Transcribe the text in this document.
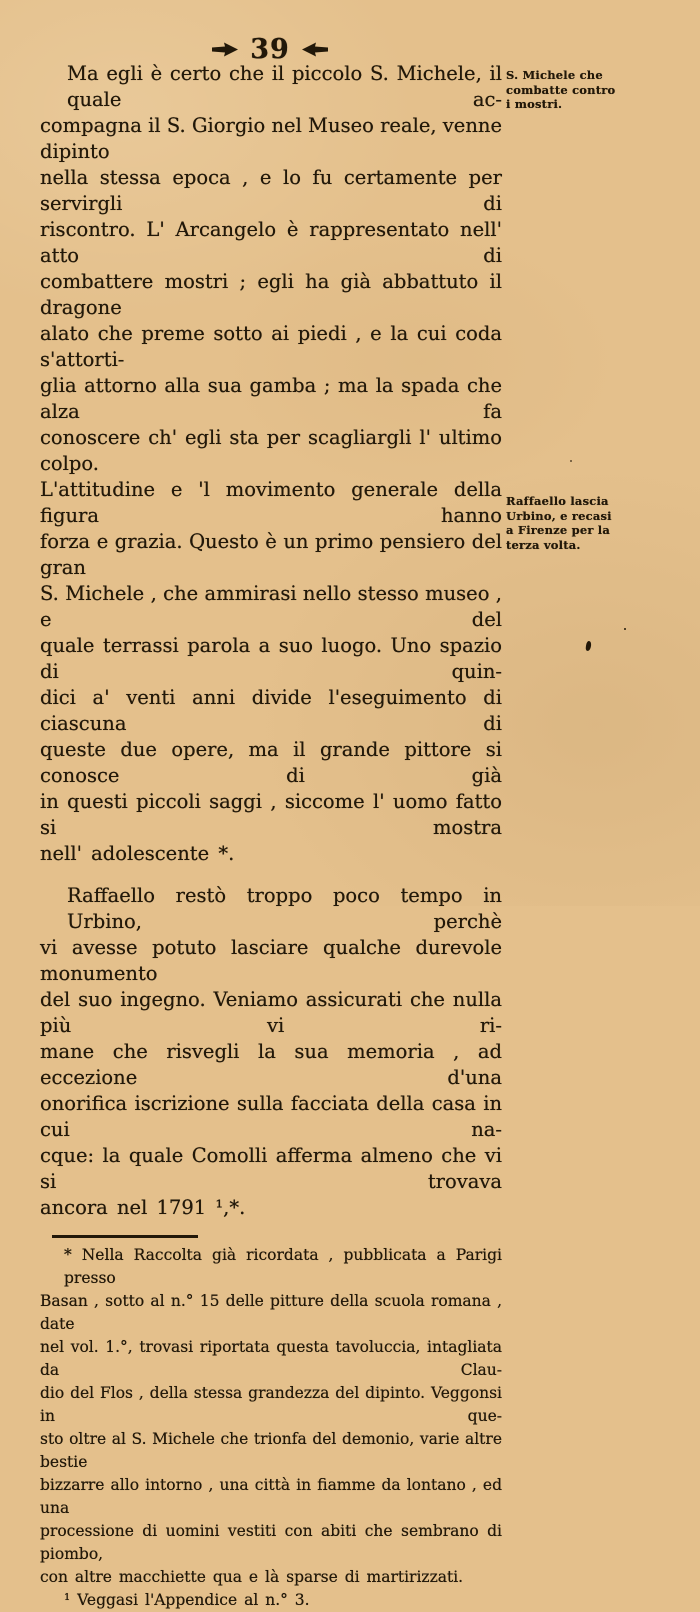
39
Ma egli è certo che il piccolo S. Michele, il quale ac-
compagna il S. Giorgio nel Museo reale, venne dipinto
nella stessa epoca , e lo fu certamente per servirgli di
riscontro. L' Arcangelo è rappresentato nell' atto di
combattere mostri ; egli ha già abbattuto il dragone
alato che preme sotto ai piedi , e la cui coda s'attorti-
glia attorno alla sua gamba ; ma la spada che alza fa
conoscere ch' egli sta per scagliargli l' ultimo colpo.
L'attitudine e 'l movimento generale della figura hanno
forza e grazia. Questo è un primo pensiero del gran
S. Michele , che ammirasi nello stesso museo , e del
quale terrassi parola a suo luogo. Uno spazio di quin-
dici a' venti anni divide l'eseguimento di ciascuna di
queste due opere, ma il grande pittore si conosce di già
in questi piccoli saggi , siccome l' uomo fatto si mostra
nell' adolescente *.
Raffaello restò troppo poco tempo in Urbino, perchè
vi avesse potuto lasciare qualche durevole monumento
del suo ingegno. Veniamo assicurati che nulla più vi ri-
mane che risvegli la sua memoria , ad eccezione d'una
onorifica iscrizione sulla facciata della casa in cui na-
cque: la quale Comolli afferma almeno che vi si trovava
ancora nel 1791 ¹,*.
* Nella Raccolta già ricordata , pubblicata a Parigi presso
Basan , sotto al n.° 15 delle pitture della scuola romana , date
nel vol. 1.°, trovasi riportata questa tavoluccia, intagliata da Clau-
dio del Flos , della stessa grandezza del dipinto. Veggonsi in que-
sto oltre al S. Michele che trionfa del demonio, varie altre bestie
bizzarre allo intorno , una città in fiamme da lontano , ed una
processione di uomini vestiti con abiti che sembrano di piombo,
con altre macchiette qua e là sparse di martirizzati.
¹ Veggasi l'Appendice al n.° 3.
S. Michele che
combatte contro
i mostri.
Raffaello lascia
Urbino, e recasi
a Firenze per la
terza volta.
